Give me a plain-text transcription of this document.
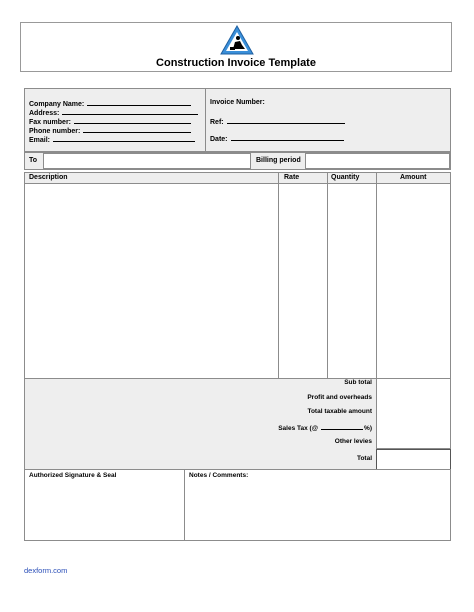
Construction Invoice Template
Company Name:
Address:
Fax number:
Phone number:
Email:
Invoice Number:
Ref:
Date:
To	Billing period
Description	Rate	Quantity	Amount
Sub total
Profit and overheads
Total taxable amount
Sales Tax (@	%)
Other levies
Total
Authorized Signature & Seal	Notes / Comments:
dexform.com
